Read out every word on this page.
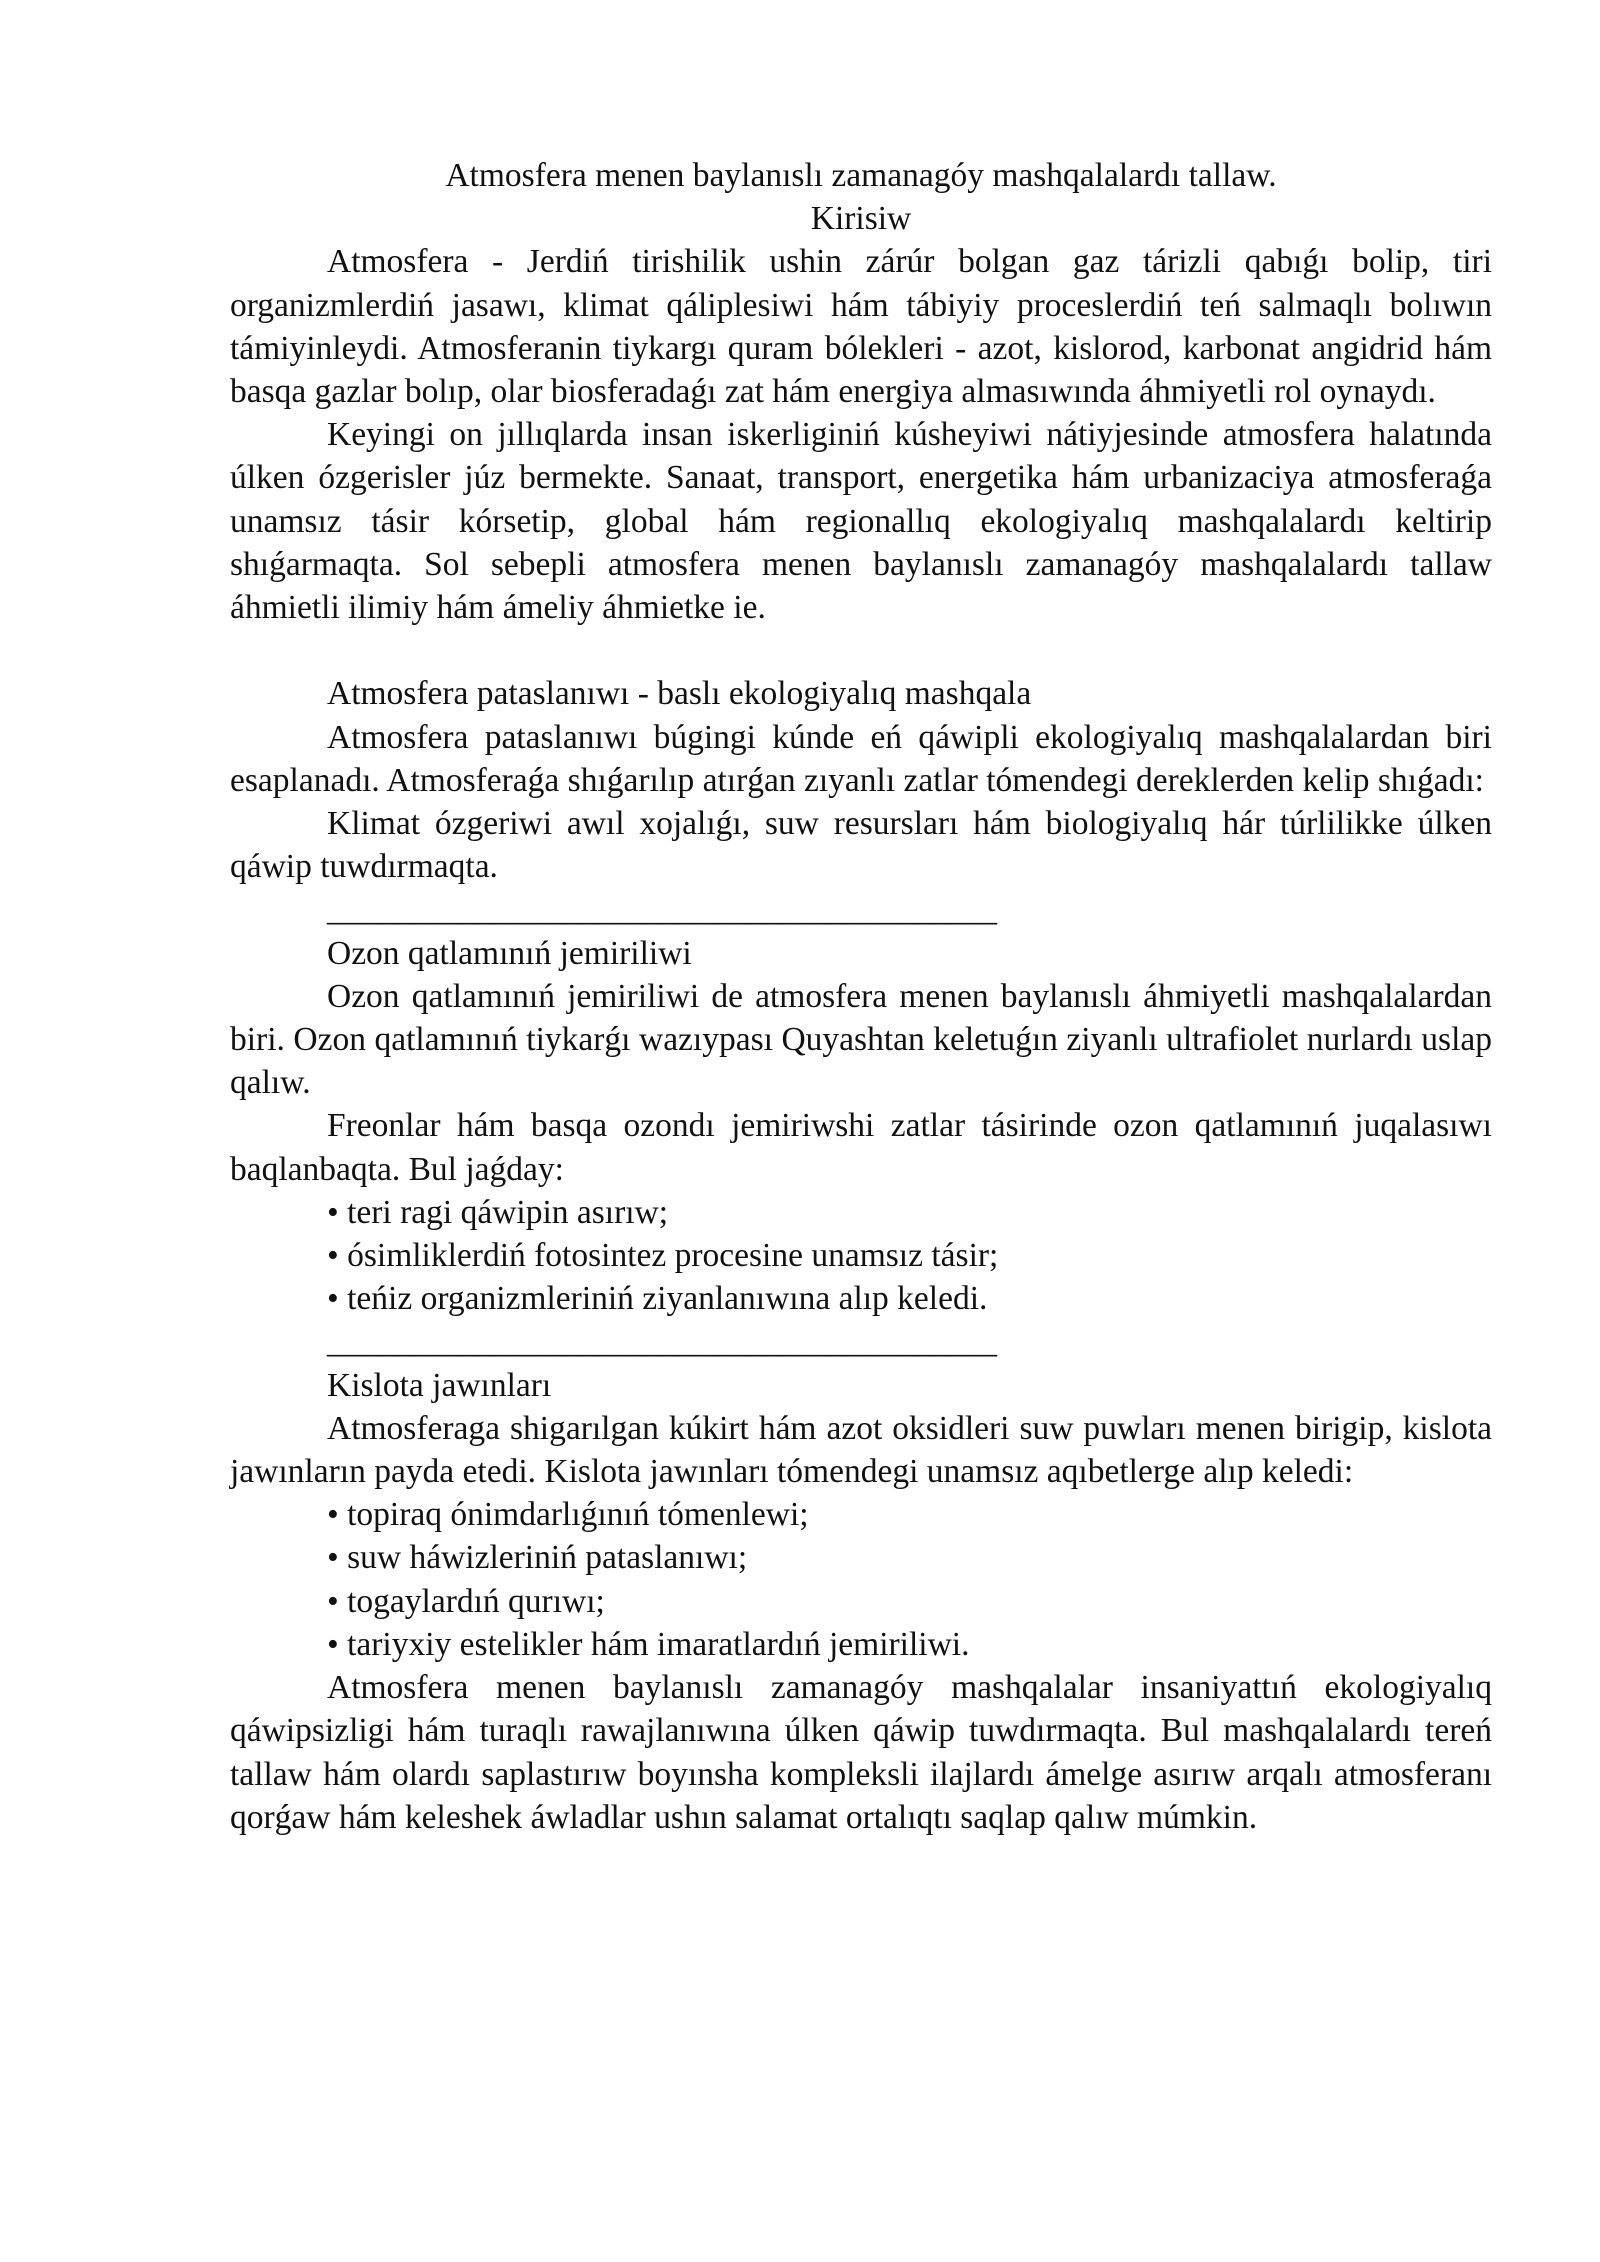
Atmosfera menen baylanıslı zamanagóy mashqalalardı tallaw.

Kirisiw

Atmosfera - Jerdiń tirishilik ushin zárúr bolgan gaz tárizli qabıǵı bolip, tiri organizmlerdiń jasawı, klimat qáliplesiwi hám tábiyiy proceslerdiń teń salmaqlı bolıwın támiyinleydi. Atmosferanin tiykargı quram bólekleri - azot, kislorod, karbonat angidrid hám basqa gazlar bolıp, olar biosferadaǵı zat hám energiya almasıwında áhmiyetli rol oynaydı.

Keyingi on jıllıqlarda insan iskerliginiń kúsheyiwi nátiyjesinde atmosfera halatında úlken ózgerisler júz bermekte. Sanaat, transport, energetika hám urbanizaciya atmosferaǵa unamsız tásir kórsetip, global hám regionallıq ekologiyalıq mashqalalardı keltirip shıǵarmaqta. Sol sebepli atmosfera menen baylanıslı zamanagóy mashqalalardı tallaw áhmietli ilimiy hám ámeliy áhmietke ie.

Atmosfera pataslanıwı - baslı ekologiyalıq mashqala

Atmosfera pataslanıwı búgingi kúnde eń qáwipli ekologiyalıq mashqalalardan biri esaplanadı. Atmosferaǵa shıǵarılıp atırǵan zıyanlı zatlar tómendegi dereklerden kelip shıǵadı:

Klimat ózgeriwi awıl xojalıǵı, suw resursları hám biologiyalıq hár túrlilikke úlken qáwip tuwdırmaqta.

________________________________________

Ozon qatlamınıń jemiriliwi

Ozon qatlamınıń jemiriliwi de atmosfera menen baylanıslı áhmiyetli mashqalalardan biri. Ozon qatlamınıń tiykarǵı wazıypası Quyashtan keletuǵın ziyanlı ultrafiolet nurlardı uslap qalıw.

Freonlar hám basqa ozondı jemiriwshi zatlar tásirinde ozon qatlamınıń juqalasıwı baqlanbaqta. Bul jaǵday:

• teri ragi qáwipin asırıw;
• ósimliklerdiń fotosintez procesine unamsız tásir;
• teńiz organizmleriniń ziyanlanıwına alıp keledi.

________________________________________

Kislota jawınları

Atmosferaga shigarılgan kúkirt hám azot oksidleri suw puwları menen birigip, kislota jawınların payda etedi. Kislota jawınları tómendegi unamsız aqıbetlerge alıp keledi:

• topiraq ónimdarlıǵınıń tómenlewi;
• suw háwizleriniń pataslanıwı;
• togaylardıń qurıwı;
• tariyxiy estelikler hám imaratlardıń jemiriliwi.

Atmosfera menen baylanıslı zamanagóy mashqalalar insaniyattıń ekologiyalıq qáwipsizligi hám turaqlı rawajlanıwına úlken qáwip tuwdırmaqta. Bul mashqalalardı tereń tallaw hám olardı saplastırıw boyınsha kompleksli ilajlardı ámelge asırıw arqalı atmosferanı qorǵaw hám keleshek áwladlar ushın salamat ortalıqtı saqlap qalıw múmkin.
